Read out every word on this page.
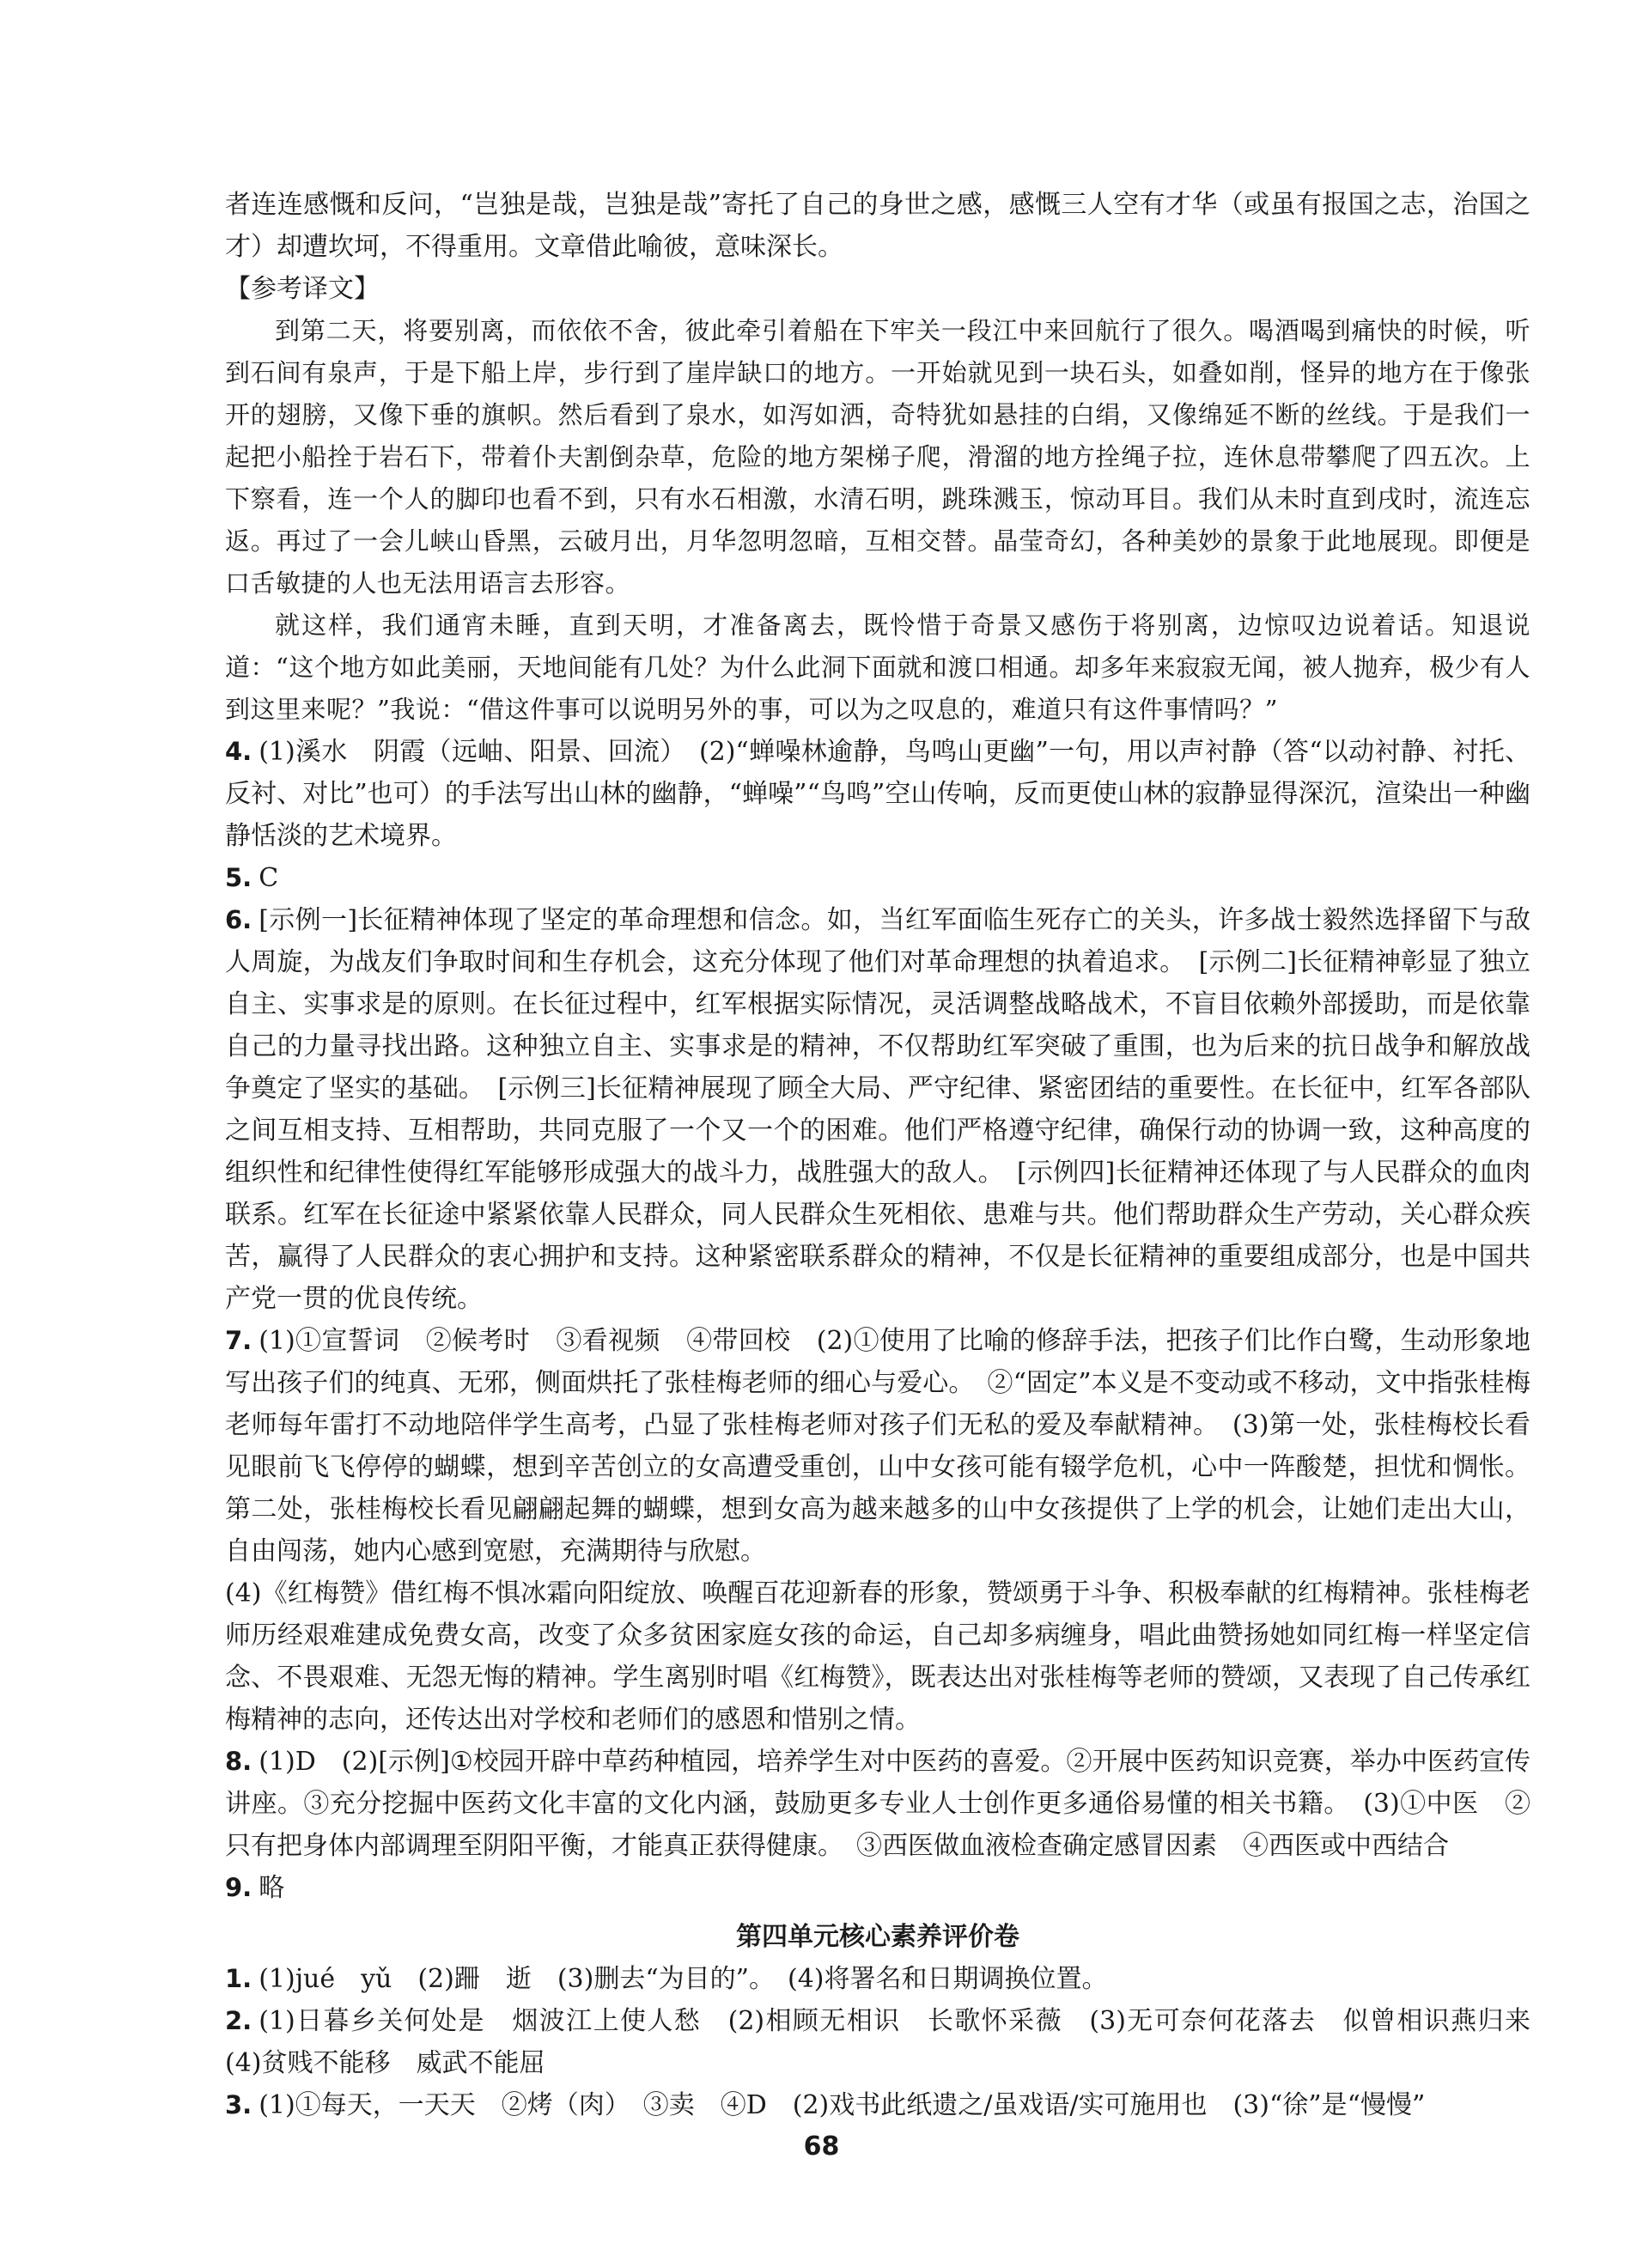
者连连感慨和反问，“岂独是哉，岂独是哉”寄托了自己的身世之感，感慨三人空有才华（或虽有报国之志，治国之才）却遭坎坷，不得重用。文章借此喻彼，意味深长。

【参考译文】

到第二天，将要别离，而依依不舍，彼此牵引着船在下牢关一段江中来回航行了很久。喝酒喝到痛快的时候，听到石间有泉声，于是下船上岸，步行到了崖岸缺口的地方。一开始就见到一块石头，如叠如削，怪异的地方在于像张开的翅膀，又像下垂的旗帜。然后看到了泉水，如泻如洒，奇特犹如悬挂的白绢，又像绵延不断的丝线。于是我们一起把小船拴于岩石下，带着仆夫割倒杂草，危险的地方架梯子爬，滑溜的地方拴绳子拉，连休息带攀爬了四五次。上下察看，连一个人的脚印也看不到，只有水石相激，水清石明，跳珠溅玉，惊动耳目。我们从未时直到戌时，流连忘返。再过了一会儿峡山昏黑，云破月出，月华忽明忽暗，互相交替。晶莹奇幻，各种美妙的景象于此地展现。即便是口舌敏捷的人也无法用语言去形容。

就这样，我们通宵未睡，直到天明，才准备离去，既怜惜于奇景又感伤于将别离，边惊叹边说着话。知退说道：“这个地方如此美丽，天地间能有几处？为什么此洞下面就和渡口相通。却多年来寂寂无闻，被人抛弃，极少有人到这里来呢？”我说：“借这件事可以说明另外的事，可以为之叹息的，难道只有这件事情吗？”

4. (1)溪水　阴霞（远岫、阳景、回流）　(2)“蝉噪林逾静，鸟鸣山更幽”一句，用以声衬静（答“以动衬静、衬托、反衬、对比”也可）的手法写出山林的幽静，“蝉噪”“鸟鸣”空山传响，反而更使山林的寂静显得深沉，渲染出一种幽静恬淡的艺术境界。

5. C

6. [示例一]长征精神体现了坚定的革命理想和信念。如，当红军面临生死存亡的关头，许多战士毅然选择留下与敌人周旋，为战友们争取时间和生存机会，这充分体现了他们对革命理想的执着追求。　[示例二]长征精神彰显了独立自主、实事求是的原则。在长征过程中，红军根据实际情况，灵活调整战略战术，不盲目依赖外部援助，而是依靠自己的力量寻找出路。这种独立自主、实事求是的精神，不仅帮助红军突破了重围，也为后来的抗日战争和解放战争奠定了坚实的基础。　[示例三]长征精神展现了顾全大局、严守纪律、紧密团结的重要性。在长征中，红军各部队之间互相支持、互相帮助，共同克服了一个又一个的困难。他们严格遵守纪律，确保行动的协调一致，这种高度的组织性和纪律性使得红军能够形成强大的战斗力，战胜强大的敌人。　[示例四]长征精神还体现了与人民群众的血肉联系。红军在长征途中紧紧依靠人民群众，同人民群众生死相依、患难与共。他们帮助群众生产劳动，关心群众疾苦，赢得了人民群众的衷心拥护和支持。这种紧密联系群众的精神，不仅是长征精神的重要组成部分，也是中国共产党一贯的优良传统。

7. (1)①宣誓词　②候考时　③看视频　④带回校　(2)①使用了比喻的修辞手法，把孩子们比作白鹭，生动形象地写出孩子们的纯真、无邪，侧面烘托了张桂梅老师的细心与爱心。　②“固定”本义是不变动或不移动，文中指张桂梅老师每年雷打不动地陪伴学生高考，凸显了张桂梅老师对孩子们无私的爱及奉献精神。　(3)第一处，张桂梅校长看见眼前飞飞停停的蝴蝶，想到辛苦创立的女高遭受重创，山中女孩可能有辍学危机，心中一阵酸楚，担忧和惆怅。第二处，张桂梅校长看见翩翩起舞的蝴蝶，想到女高为越来越多的山中女孩提供了上学的机会，让她们走出大山，自由闯荡，她内心感到宽慰，充满期待与欣慰。

(4)《红梅赞》借红梅不惧冰霜向阳绽放、唤醒百花迎新春的形象，赞颂勇于斗争、积极奉献的红梅精神。张桂梅老师历经艰难建成免费女高，改变了众多贫困家庭女孩的命运，自己却多病缠身，唱此曲赞扬她如同红梅一样坚定信念、不畏艰难、无怨无悔的精神。学生离别时唱《红梅赞》，既表达出对张桂梅等老师的赞颂，又表现了自己传承红梅精神的志向，还传达出对学校和老师们的感恩和惜别之情。

8. (1)D　(2)[示例]①校园开辟中草药种植园，培养学生对中医药的喜爱。②开展中医药知识竞赛，举办中医药宣传讲座。③充分挖掘中医药文化丰富的文化内涵，鼓励更多专业人士创作更多通俗易懂的相关书籍。　(3)①中医　②只有把身体内部调理至阴阳平衡，才能真正获得健康。　③西医做血液检查确定感冒因素　④西医或中西结合

9. 略

第四单元核心素养评价卷

1. (1)jué　yǔ　(2)跚　逝　(3)删去“为目的”。　(4)将署名和日期调换位置。

2. (1)日暮乡关何处是　烟波江上使人愁　(2)相顾无相识　长歌怀采薇　(3)无可奈何花落去　似曾相识燕归来　(4)贫贱不能移　威武不能屈

3. (1)①每天，一天天　②烤（肉）　③卖　④D　(2)戏书此纸遗之/虽戏语/实可施用也　(3)“徐”是“慢慢”

68
